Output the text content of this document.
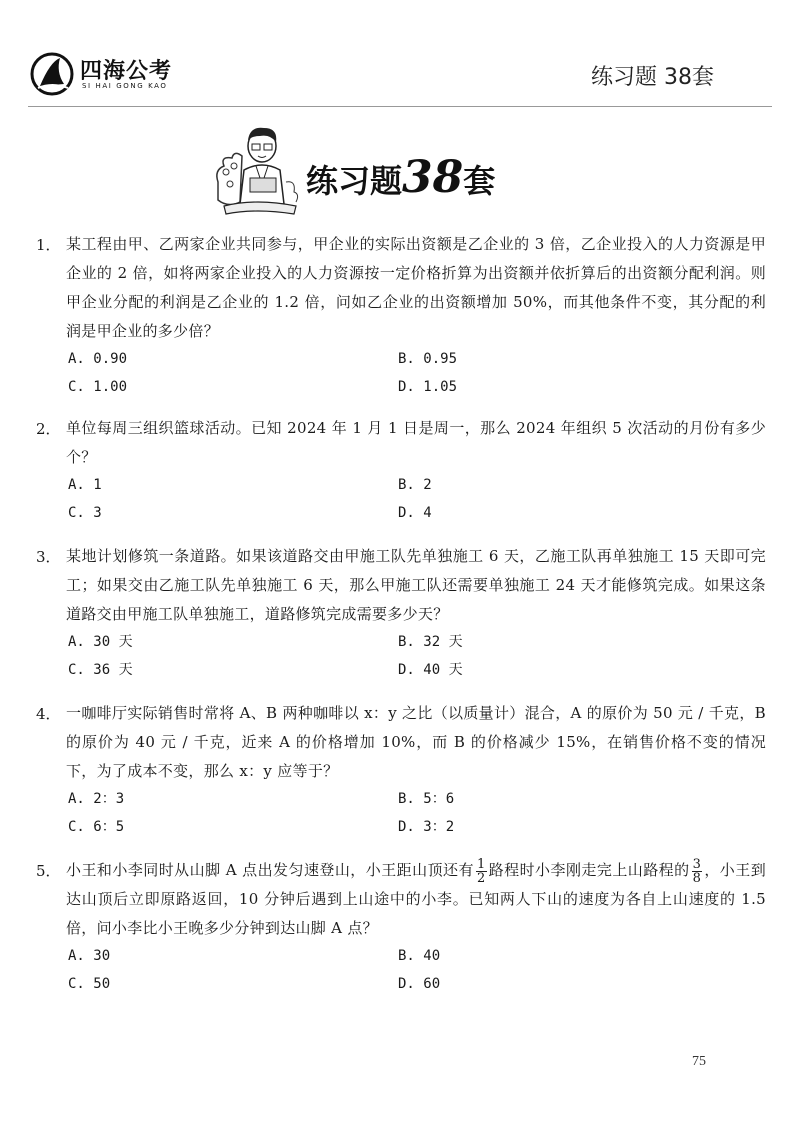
四海公考
SI HAI GONG KAO	练习题 38套
练习题38套
1． 某工程由甲、乙两家企业共同参与，甲企业的实际出资额是乙企业的 3 倍，乙企业投入的人力资源是甲企业的 2 倍，如将两家企业投入的人力资源按一定价格折算为出资额并依折算后的出资额分配利润。则甲企业分配的利润是乙企业的 1.2 倍，问如乙企业的出资额增加 50%，而其他条件不变，其分配的利润是甲企业的多少倍？
A. 0.90	B. 0.95
C. 1.00	D. 1.05
2． 单位每周三组织篮球活动。已知 2024 年 1 月 1 日是周一，那么 2024 年组织 5 次活动的月份有多少个？
A. 1	B. 2
C. 3	D. 4
3． 某地计划修筑一条道路。如果该道路交由甲施工队先单独施工 6 天，乙施工队再单独施工 15 天即可完工；如果交由乙施工队先单独施工 6 天，那么甲施工队还需要单独施工 24 天才能修筑完成。如果这条道路交由甲施工队单独施工，道路修筑完成需要多少天？
A. 30 天	B. 32 天
C. 36 天	D. 40 天
4． 一咖啡厅实际销售时常将 A、B 两种咖啡以 x：y 之比（以质量计）混合，A 的原价为 50 元 / 千克，B 的原价为 40 元 / 千克，近来 A 的价格增加 10%，而 B 的价格减少 15%，在销售价格不变的情况下，为了成本不变，那么 x：y 应等于？
A. 2：3	B. 5：6
C. 6：5	D. 3：2
5． 小王和小李同时从山脚 A 点出发匀速登山，小王距山顶还有 $\frac{1}{2}$ 路程时小李刚走完上山路程的 $\frac{3}{8}$ ，小王到达山顶后立即原路返回，10 分钟后遇到上山途中的小李。已知两人下山的速度为各自上山速度的 1.5 倍，问小李比小王晚多少分钟到达山脚 A 点？
A. 30	B. 40
C. 50	D. 60
75
